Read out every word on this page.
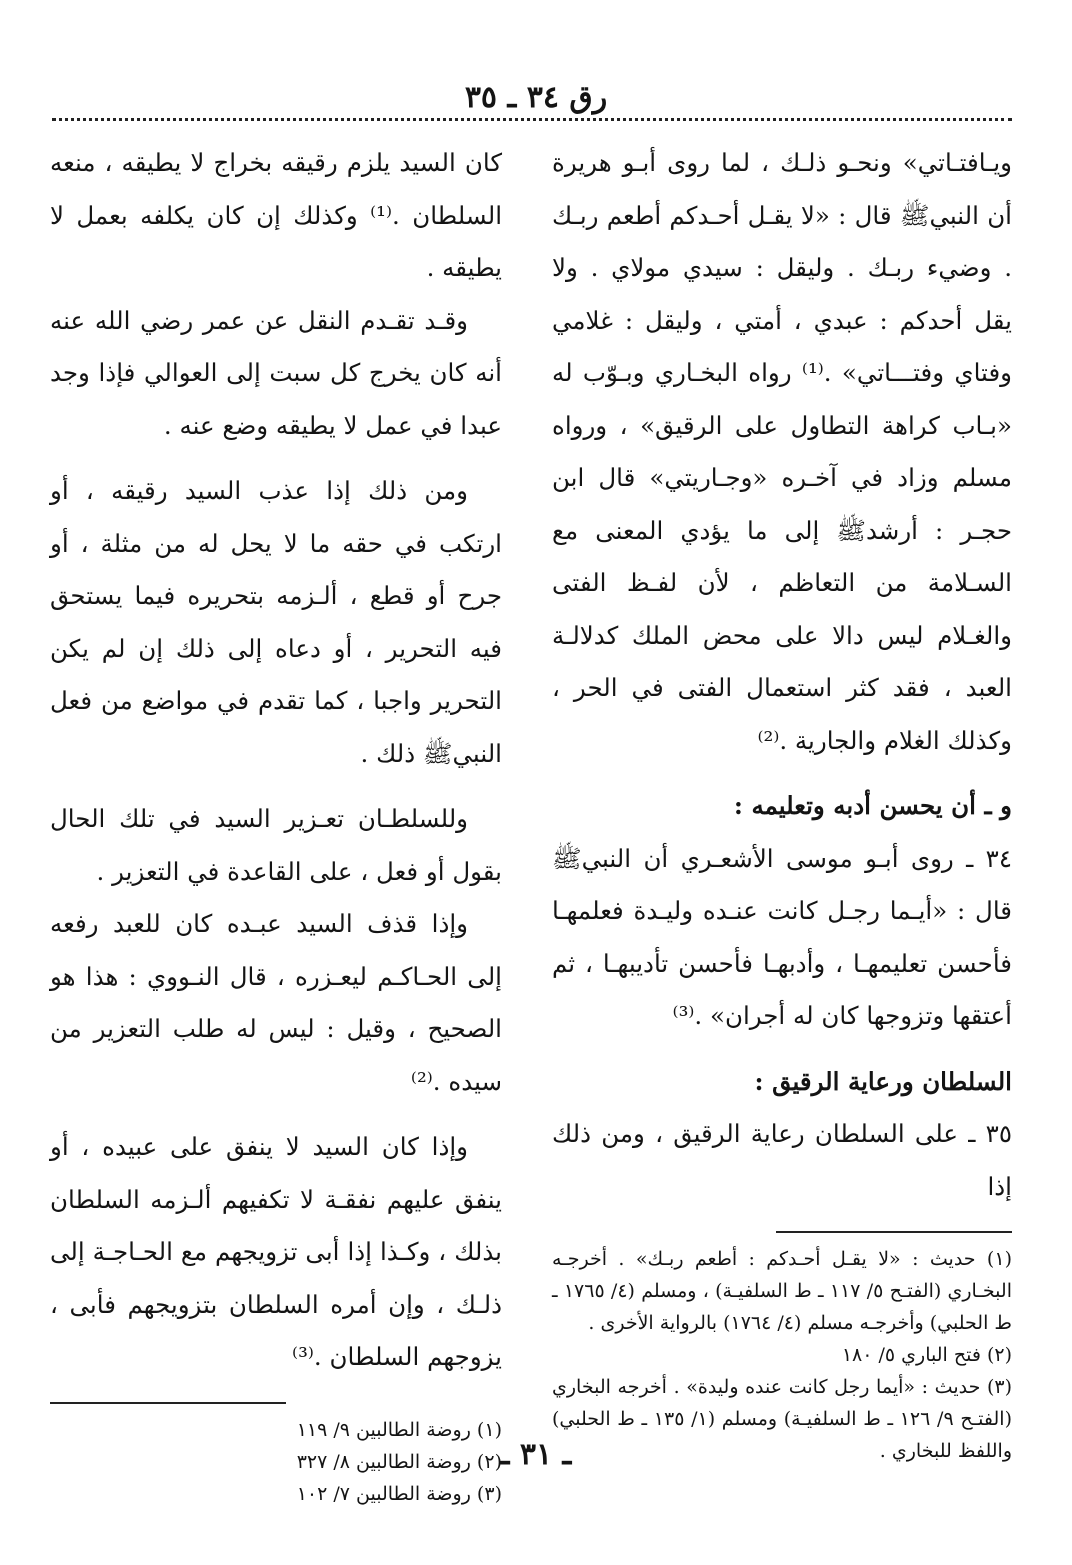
رق ٣٤ ـ ٣٥

ويـافتـاتي» ونحـو ذلـك ، لما روى أبـو هريرة أن النبيﷺ قال : «لا يقـل أحـدكم أطعم ربـك . وضيء ربـك . وليقل : سيدي مولاي . ولا يقل أحدكم : عبدي ، أمتي ، وليقل : غلامي وفتاي وفتـــاتي» .⁽¹⁾ رواه البخـاري وبـوّب له «بـاب كراهة التطاول على الرقيق» ، ورواه مسلم وزاد في آخـره «وجـاريتي» قال ابن حجـر : أرشدﷺ إلى ما يؤدي المعنى مع السـلامة من التعاظم ، لأن لفـظ الفتى والغـلام ليس دالا على محض الملك كدلالـة العبد ، فقد كثر استعمال الفتى في الحر ، وكذلك الغلام والجارية .⁽²⁾

و ـ أن يحسن أدبه وتعليمه :

٣٤ ـ روى أبـو موسى الأشعـري أن النبيﷺ قال : «أيـما رجـل كانت عنـده وليـدة فعلمهـا فأحسن تعليمهـا ، وأدبهـا فأحسن تأديبهـا ، ثم أعتقها وتزوجها كان له أجران» .⁽³⁾

السلطان ورعاية الرقيق :

٣٥ ـ على السلطان رعاية الرقيق ، ومن ذلك إذا

(١) حديث : «لا يقـل أحـدكم : أطعم ربـك» . أخرجـه البخـاري (الفتـح ٥/ ١١٧ ـ ط السلفيـة) ، ومسلم (٤/ ١٧٦٥ ـ ط الحلبي) وأخرجـه مسلم (٤/ ١٧٦٤) بالرواية الأخرى .

(٢) فتح الباري ٥/ ١٨٠

(٣) حديث : «أيما رجل كانت عنده وليدة» . أخرجه البخاري (الفتـح ٩/ ١٢٦ ـ ط السلفيـة) ومسلم (١/ ١٣٥ ـ ط الحلبي) واللفظ للبخاري .

كان السيد يلزم رقيقه بخراج لا يطيقه ، منعه السلطان .⁽¹⁾ وكذلك إن كان يكلفه بعمل لا يطيقه .

وقـد تقـدم النقل عن عمر رضي الله عنه أنه كان يخرج كل سبت إلى العوالي فإذا وجد عبدا في عمل لا يطيقه وضع عنه .

ومن ذلك إذا عذب السيد رقيقه ، أو ارتكب في حقه ما لا يحل له من مثلة ، أو جرح أو قطع ، ألـزمه بتحريره فيما يستحق فيه التحرير ، أو دعاه إلى ذلك إن لم يكن التحرير واجبا ، كما تقدم في مواضع من فعل النبيﷺ ذلك .

وللسلطـان تعـزير السيد في تلك الحال بقول أو فعل ، على القاعدة في التعزير .

وإذا قذف السيد عبـده كان للعبد رفعه إلى الحـاكـم ليعـزره ، قال النـووي : هذا هو الصحيح ، وقيل : ليس له طلب التعزير من سيده .⁽²⁾

وإذا كان السيد لا ينفق على عبيده ، أو ينفق عليهم نفقـة لا تكفيهم ألـزمه السلطان بذلك ، وكـذا إذا أبى تزويجهم مع الحـاجـة إلى ذلـك ، وإن أمره السلطان بتزويجهم فأبى ، يزوجهم السلطان .⁽³⁾

(١) روضة الطالبين ٩/ ١١٩

(٢) روضة الطالبين ٨/ ٣٢٧

(٣) روضة الطالبين ٧/ ١٠٢

ـ ٣١ ـ
